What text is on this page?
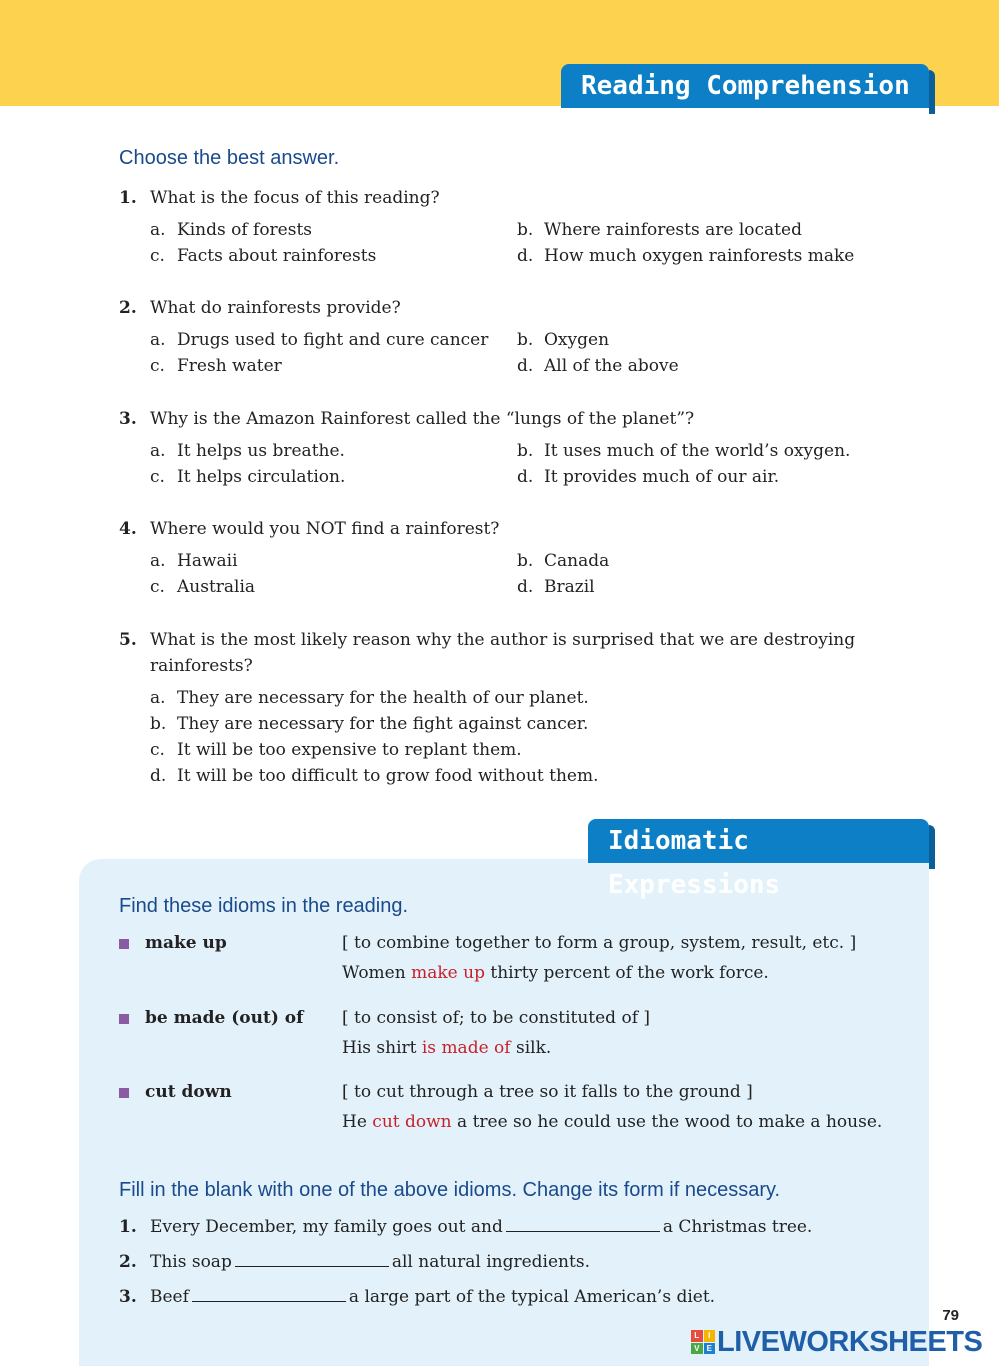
Reading Comprehension
Choose the best answer.
1. What is the focus of this reading?
a. Kinds of forests	b. Where rainforests are located
c. Facts about rainforests	d. How much oxygen rainforests make
2. What do rainforests provide?
a. Drugs used to fight and cure cancer b. Oxygen
c. Fresh water	d. All of the above
3. Why is the Amazon Rainforest called the “lungs of the planet”?
a. It helps us breathe.	b. It uses much of the world’s oxygen.
c. It helps circulation.	d. It provides much of our air.
4. Where would you NOT find a rainforest?
a. Hawaii	b. Canada
c. Australia	d. Brazil
5. What is the most likely reason why the author is surprised that we are destroying rainforests?
a. They are necessary for the health of our planet.
b. They are necessary for the fight against cancer.
c. It will be too expensive to replant them.
d. It will be too difficult to grow food without them.
Idiomatic Expressions
Find these idioms in the reading.
make up	[ to combine together to form a group, system, result, etc. ]
Women make up thirty percent of the work force.
be made (out) of [ to consist of; to be constituted of ]
His shirt is made of silk.
cut down	[ to cut through a tree so it falls to the ground ]
He cut down a tree so he could use the wood to make a house.
Fill in the blank with one of the above idioms. Change its form if necessary.
1. Every December, my family goes out and	a Christmas tree.
2. This soap	all natural ingredients.
3. Beef	a large part of the typical American’s diet.
79
L	I
V E LIVEWORKSHEETS
